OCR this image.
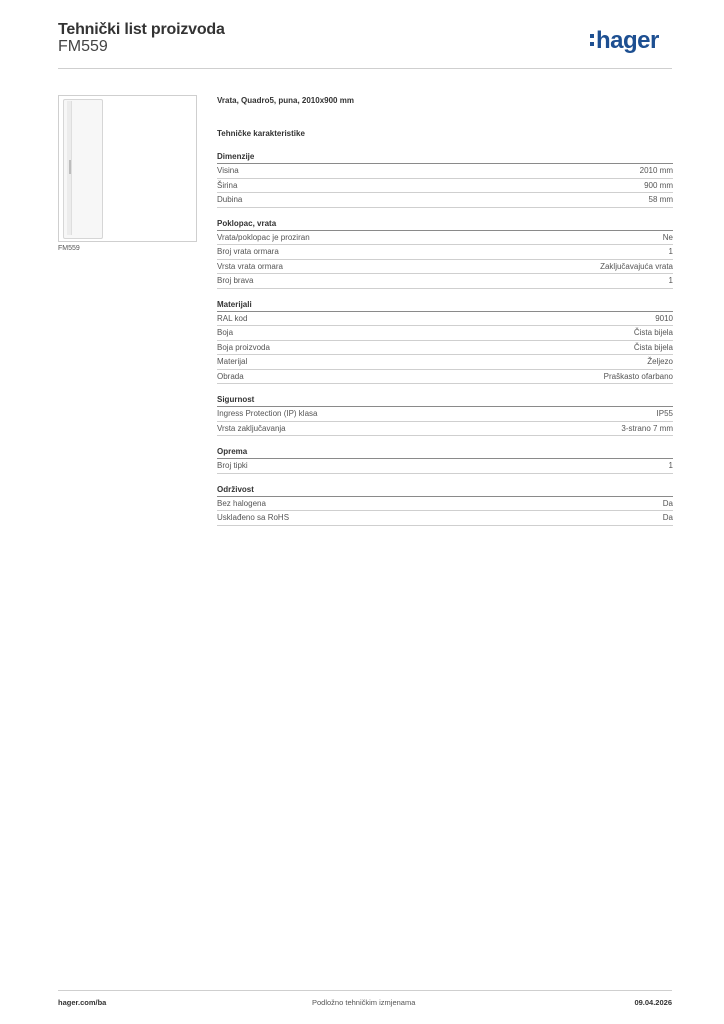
Tehnički list proizvoda
FM559	hager
FM559
Vrata, Quadro5, puna, 2010x900 mm
Tehničke karakteristike
Dimenzije
Visina	2010 mm
Širina	900 mm
Dubina	58 mm
Poklopac, vrata
Vrata/poklopac je proziran	Ne
Broj vrata ormara	1
Vrsta vrata ormara	Zaključavajuća vrata
Broj brava	1
Materijali
RAL kod	9010
Boja	Čista bijela
Boja proizvoda	Čista bijela
Materijal	Željezo
Obrada	Praškasto ofarbano
Sigurnost
Ingress Protection (IP) klasa	IP55
Vrsta zaključavanja	3-strano 7 mm
Oprema
Broj tipki	1
Održivost
Bez halogena	Da
Usklađeno sa RoHS	Da
hager.com/ba	Podložno tehničkim izmjenama	09.04.2026
